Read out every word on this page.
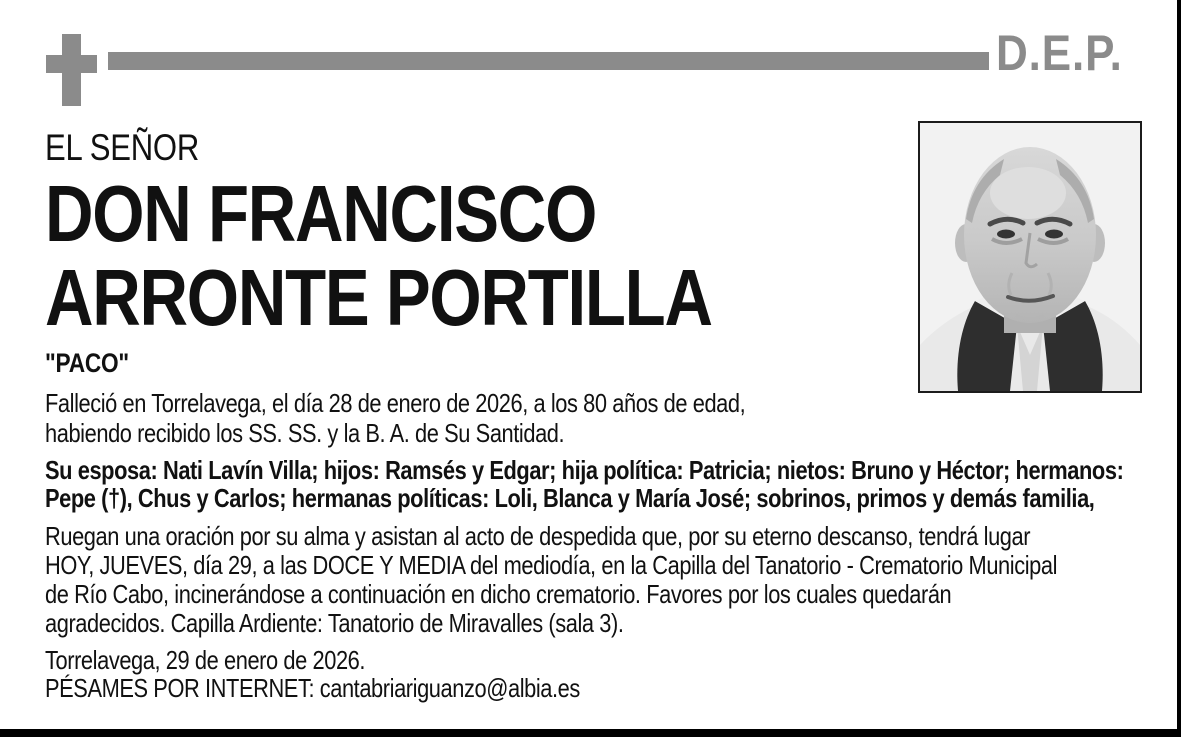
D.E.P.
EL SEÑOR
DON FRANCISCO
ARRONTE PORTILLA
"PACO"
Falleció en Torrelavega, el día 28 de enero de 2026, a los 80 años de edad,
habiendo recibido los SS. SS. y la B. A. de Su Santidad.
Su esposa: Nati Lavín Villa; hijos: Ramsés y Edgar; hija política: Patricia; nietos: Bruno y Héctor; hermanos:
Pepe (†), Chus y Carlos; hermanas políticas: Loli, Blanca y María José; sobrinos, primos y demás familia,
Ruegan una oración por su alma y asistan al acto de despedida que, por su eterno descanso, tendrá lugar
HOY, JUEVES, día 29, a las DOCE Y MEDIA del mediodía, en la Capilla del Tanatorio - Crematorio Municipal
de Río Cabo, incinerándose a continuación en dicho crematorio. Favores por los cuales quedarán
agradecidos. Capilla Ardiente: Tanatorio de Miravalles (sala 3).
Torrelavega, 29 de enero de 2026.
PÉSAMES POR INTERNET: cantabriariguanzo@albia.es
